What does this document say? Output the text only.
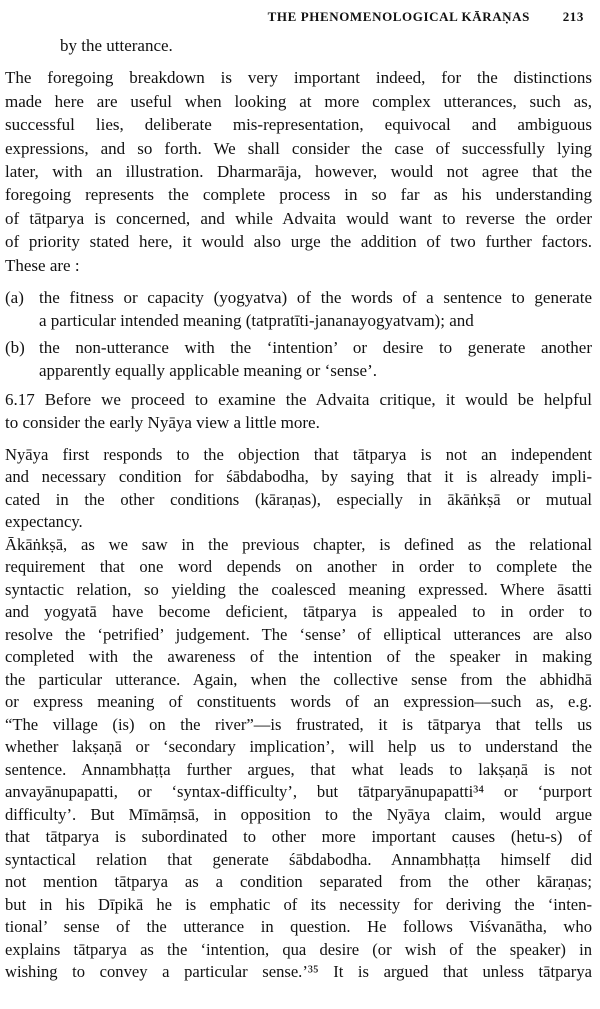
THE PHENOMENOLOGICAL KĀRAṆAS	213

by the utterance.

The foregoing breakdown is very important indeed, for the distinctions
made here are useful when looking at more complex utterances, such as,
successful lies, deliberate mis-representation, equivocal and ambiguous
expressions, and so forth. We shall consider the case of successfully lying
later, with an illustration. Dharmarāja, however, would not agree that the
foregoing represents the complete process in so far as his understanding
of tātparya is concerned, and while Advaita would want to reverse the order
of priority stated here, it would also urge the addition of two further factors.
These are :

(a) the fitness or capacity (yogyatva) of the words of a sentence to generate
a particular intended meaning (tatpratīti-jananayogyatvam); and

(b) the non-utterance with the ‘intention’ or desire to generate another
apparently equally applicable meaning or ‘sense’.

6.17 Before we proceed to examine the Advaita critique, it would be helpful
to consider the early Nyāya view a little more.

Nyāya first responds to the objection that tātparya is not an independent
and necessary condition for śābdabodha, by saying that it is already impli-
cated in the other conditions (kāraṇas), especially in ākāṅkṣā or mutual
expectancy.

Ākāṅkṣā, as we saw in the previous chapter, is defined as the relational
requirement that one word depends on another in order to complete the
syntactic relation, so yielding the coalesced meaning expressed. Where āsatti
and yogyatā have become deficient, tātparya is appealed to in order to
resolve the ‘petrified’ judgement. The ‘sense’ of elliptical utterances are also
completed with the awareness of the intention of the speaker in making
the particular utterance. Again, when the collective sense from the abhidhā
or express meaning of constituents words of an expression—such as, e.g.
“The village (is) on the river”—is frustrated, it is tātparya that tells us
whether lakṣaṇā or ‘secondary implication’, will help us to understand the
sentence. Annambhaṭṭa further argues, that what leads to lakṣaṇā is not
anvayānupapatti, or ‘syntax-difficulty’, but tātparyānupapatti³⁴ or ‘purport
difficulty’. But Mīmāṃsā, in opposition to the Nyāya claim, would argue
that tātparya is subordinated to other more important causes (hetu-s) of
syntactical relation that generate śābdabodha. Annambhaṭṭa himself did
not mention tātparya as a condition separated from the other kāraṇas;
but in his Dīpikā he is emphatic of its necessity for deriving the ‘inten-
tional’ sense of the utterance in question. He follows Viśvanātha, who
explains tātparya as the ‘intention, qua desire (or wish of the speaker) in
wishing to convey a particular sense.’³⁵ It is argued that unless tātparya
